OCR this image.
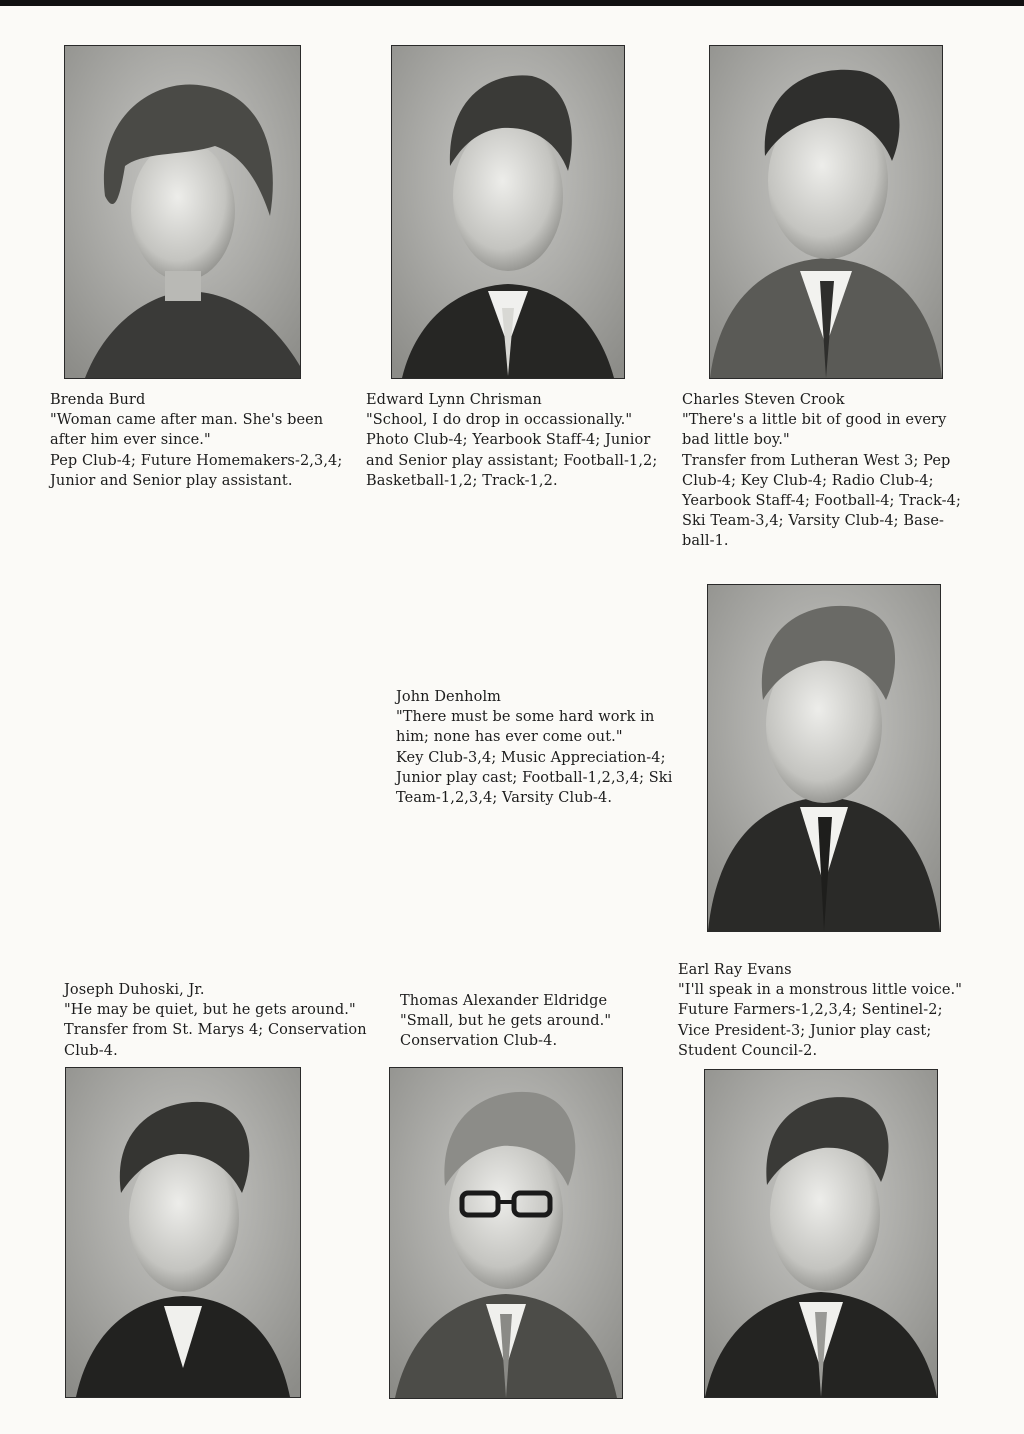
Brenda Burd
"Woman came after man. She's been
after him ever since."
Pep Club-4; Future Homemakers-2,3,4;
Junior and Senior play assistant.
Edward Lynn Chrisman
"School, I do drop in occassionally."
Photo Club-4; Yearbook Staff-4; Junior
and Senior play assistant; Football-1,2;
Basketball-1,2; Track-1,2.
Charles Steven Crook
"There's a little bit of good in every
bad little boy."
Transfer from Lutheran West 3; Pep
Club-4; Key Club-4; Radio Club-4;
Yearbook Staff-4; Football-4; Track-4;
Ski Team-3,4; Varsity Club-4; Base-
ball-1.
John Denholm
"There must be some hard work in
him; none has ever come out."
Key Club-3,4; Music Appreciation-4;
Junior play cast; Football-1,2,3,4; Ski
Team-1,2,3,4; Varsity Club-4.
Joseph Duhoski, Jr.
"He may be quiet, but he gets around."
Transfer from St. Marys 4; Conservation
Club-4.
Thomas Alexander Eldridge
"Small, but he gets around."
Conservation Club-4.
Earl Ray Evans
"I'll speak in a monstrous little voice."
Future Farmers-1,2,3,4; Sentinel-2;
Vice President-3; Junior play cast;
Student Council-2.
